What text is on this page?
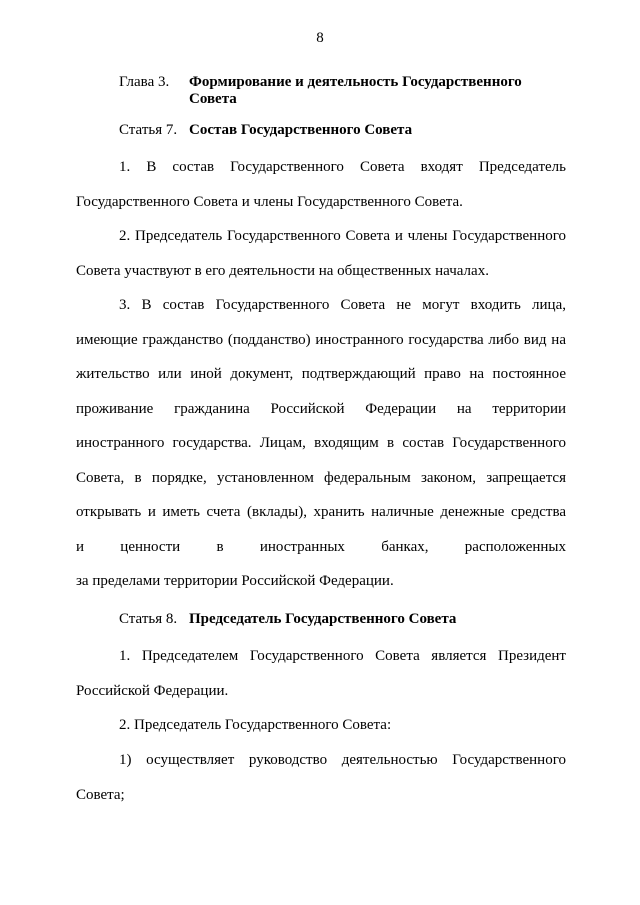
8
Глава 3.	Формирование и деятельность Государственного
Совета
Статья 7. Состав Государственного Совета
1. В состав Государственного Совета входят Председатель
Государственного Совета и члены Государственного Совета.
2. Председатель Государственного Совета и члены Государственного
Совета участвуют в его деятельности на общественных началах.
3. В состав Государственного Совета не могут входить лица,
имеющие гражданство (подданство) иностранного государства либо вид на
жительство или иной документ, подтверждающий право на постоянное
проживание гражданина Российской Федерации на территории
иностранного государства. Лицам, входящим в состав Государственного
Совета, в порядке, установленном федеральным законом, запрещается
открывать и иметь счета (вклады), хранить наличные денежные средства
и ценности в иностранных банках, расположенных
за пределами территории Российской Федерации.
Статья 8. Председатель Государственного Совета
1. Председателем Государственного Совета является Президент
Российской Федерации.
2. Председатель Государственного Совета:
1) осуществляет руководство деятельностью Государственного
Совета;
